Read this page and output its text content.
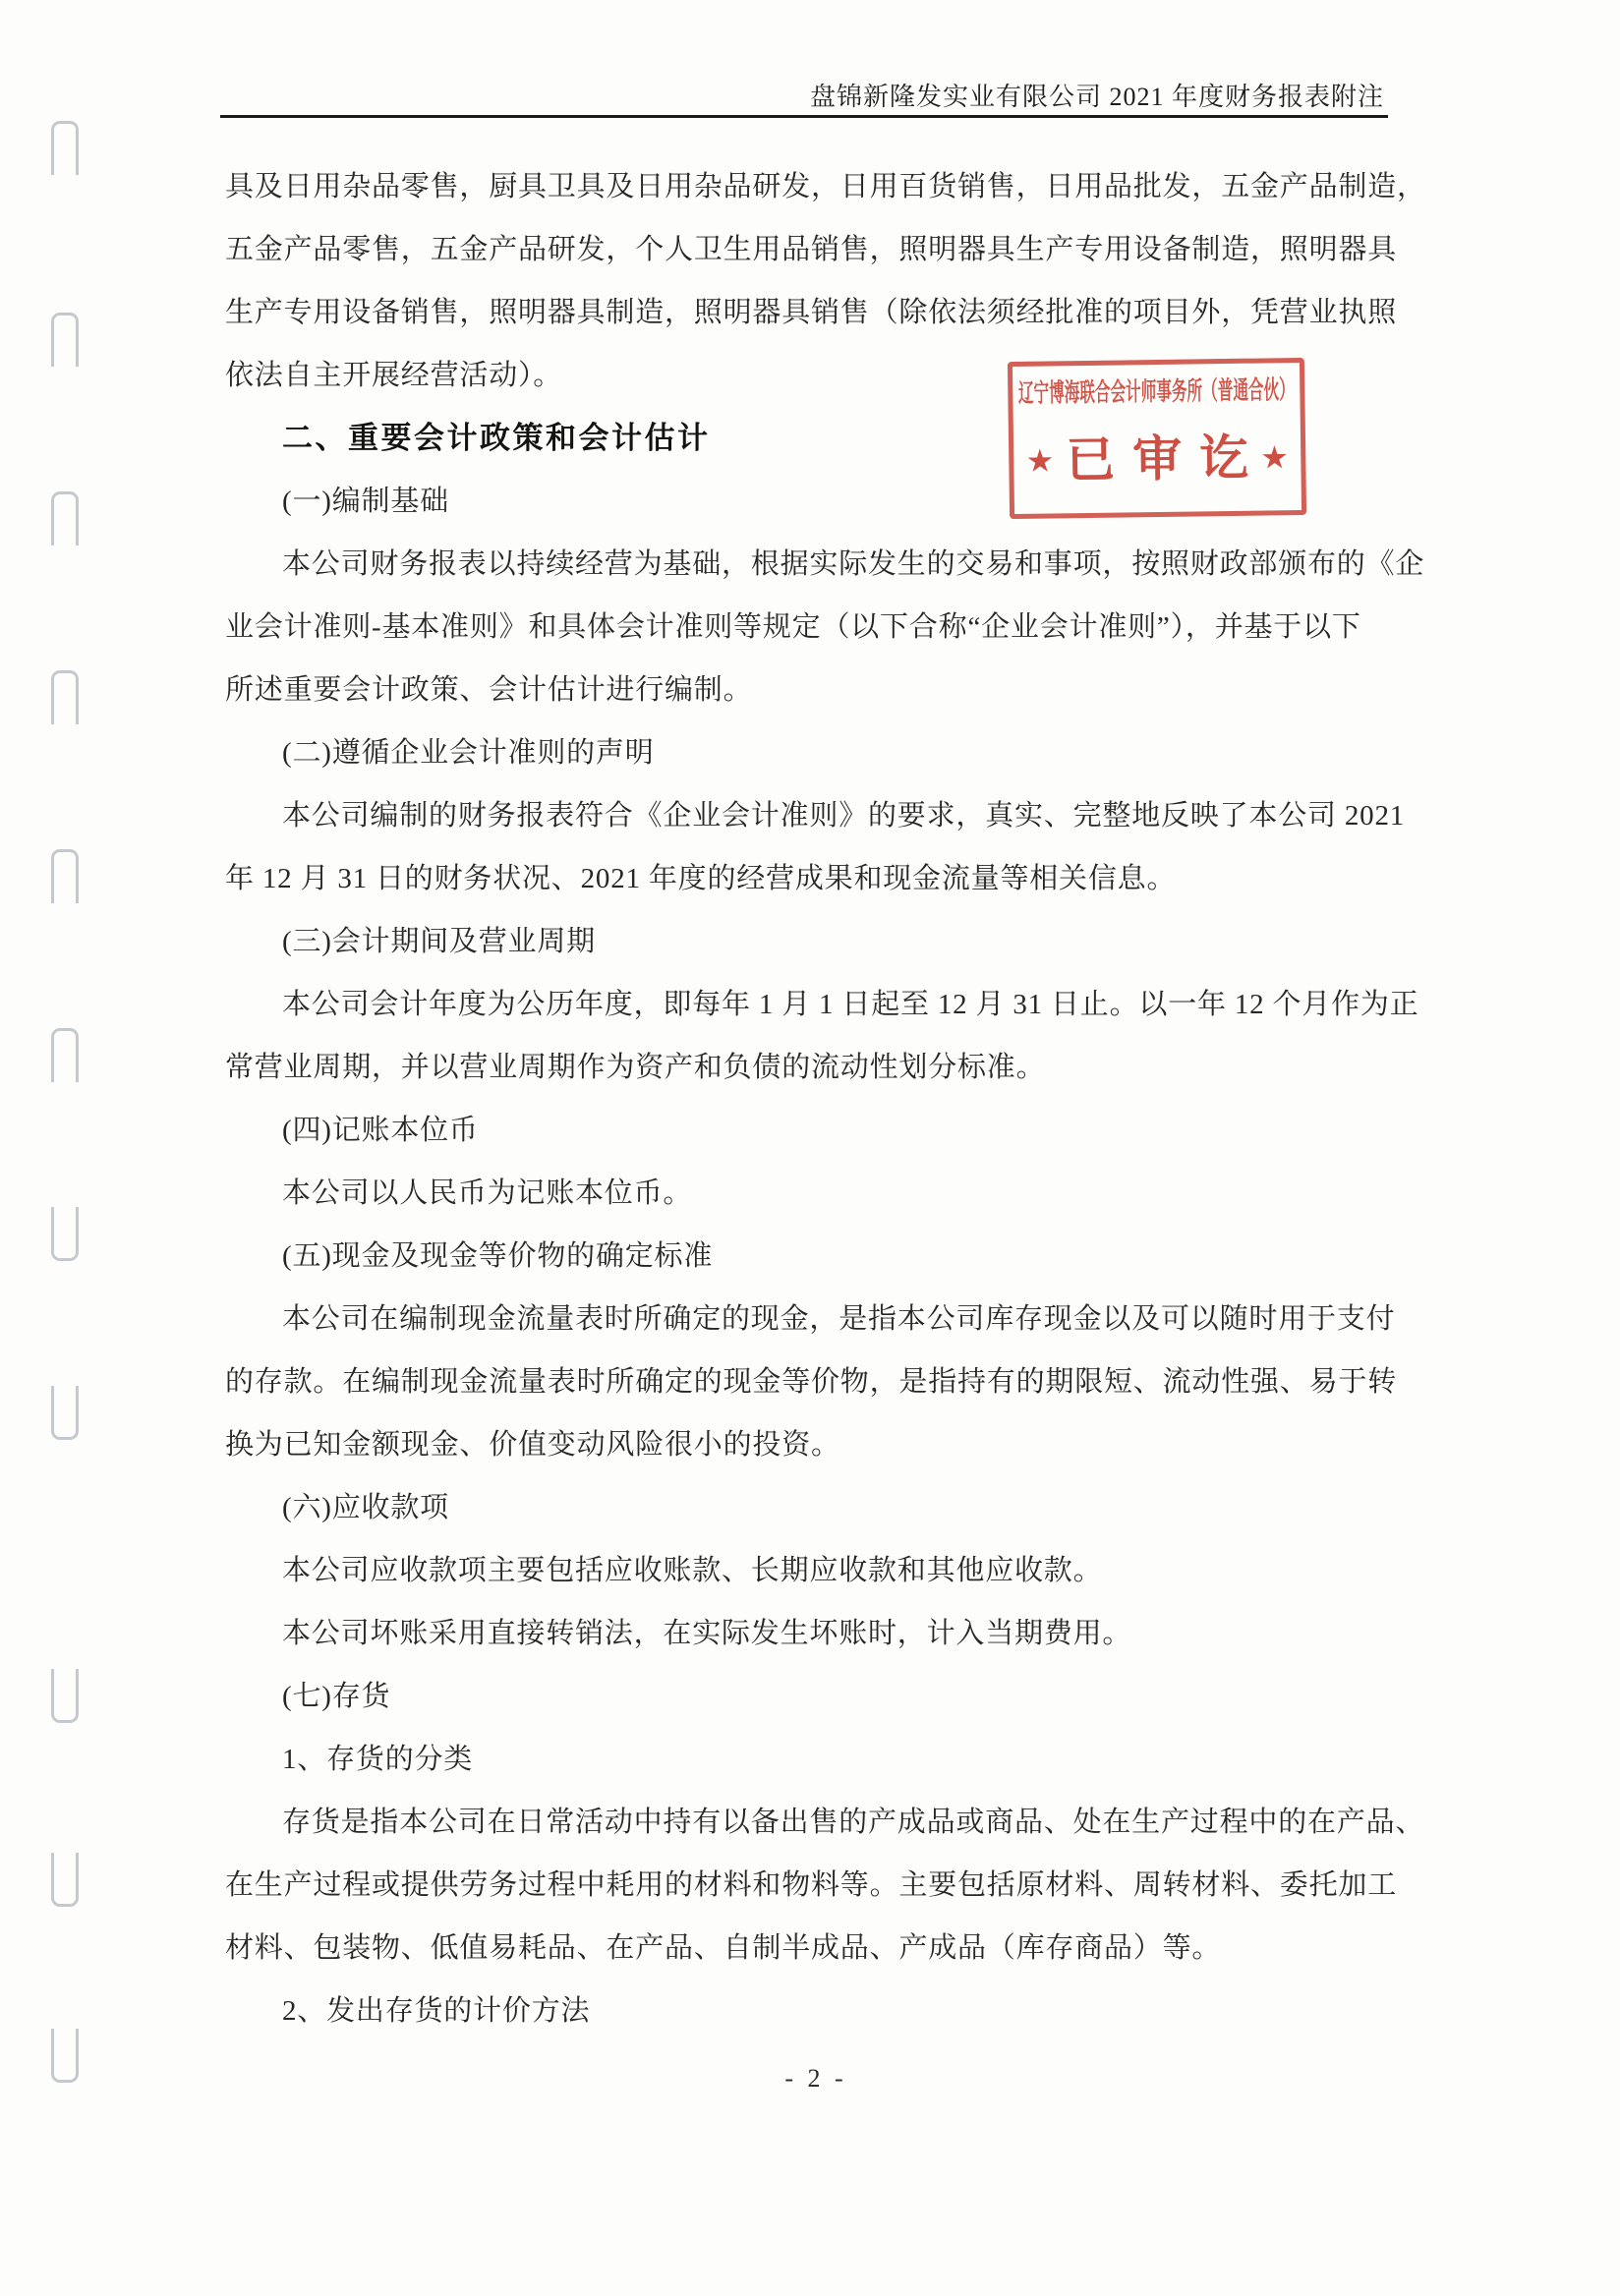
盘锦新隆发实业有限公司 2021 年度财务报表附注
具及日用杂品零售，厨具卫具及日用杂品研发，日用百货销售，日用品批发，五金产品制造，
五金产品零售，五金产品研发，个人卫生用品销售，照明器具生产专用设备制造，照明器具
生产专用设备销售，照明器具制造，照明器具销售（除依法须经批准的项目外，凭营业执照
依法自主开展经营活动）。
二、重要会计政策和会计估计
(一)编制基础
本公司财务报表以持续经营为基础，根据实际发生的交易和事项，按照财政部颁布的《企
业会计准则-基本准则》和具体会计准则等规定（以下合称“企业会计准则”），并基于以下
所述重要会计政策、会计估计进行编制。
(二)遵循企业会计准则的声明
本公司编制的财务报表符合《企业会计准则》的要求，真实、完整地反映了本公司 2021
年 12 月 31 日的财务状况、2021 年度的经营成果和现金流量等相关信息。
(三)会计期间及营业周期
本公司会计年度为公历年度，即每年 1 月 1 日起至 12 月 31 日止。以一年 12 个月作为正
常营业周期，并以营业周期作为资产和负债的流动性划分标准。
(四)记账本位币
本公司以人民币为记账本位币。
(五)现金及现金等价物的确定标准
本公司在编制现金流量表时所确定的现金，是指本公司库存现金以及可以随时用于支付
的存款。在编制现金流量表时所确定的现金等价物，是指持有的期限短、流动性强、易于转
换为已知金额现金、价值变动风险很小的投资。
(六)应收款项
本公司应收款项主要包括应收账款、长期应收款和其他应收款。
本公司坏账采用直接转销法，在实际发生坏账时，计入当期费用。
(七)存货
1、存货的分类
存货是指本公司在日常活动中持有以备出售的产成品或商品、处在生产过程中的在产品、
在生产过程或提供劳务过程中耗用的材料和物料等。主要包括原材料、周转材料、委托加工
材料、包装物、低值易耗品、在产品、自制半成品、产成品（库存商品）等。
2、发出存货的计价方法
辽宁博海联合会计师事务所（普通合伙）
★ 已审讫
★
- 2 -
